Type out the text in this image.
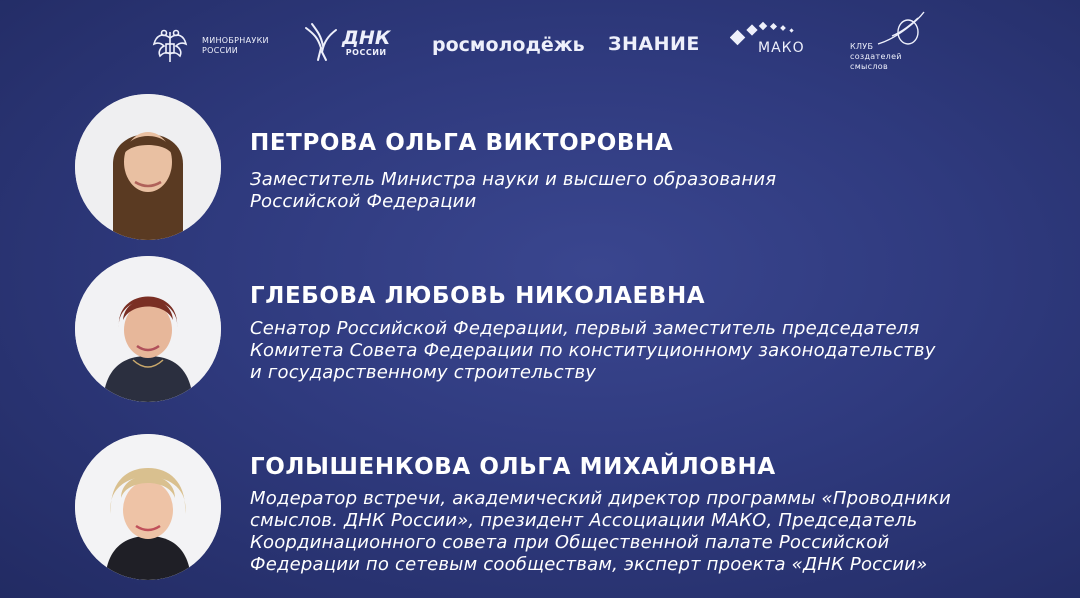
МИНОБРНАУКИ
РОССИИ
ДНК
РОССИИ росмолодёжь ЗНАНИЕ	МАКО	КЛУБ
создателей
смыслов
ПЕТРОВА ОЛЬГА ВИКТОРОВНА
Заместитель Министра науки и высшего образования
Российской Федерации
ГЛЕБОВА ЛЮБОВЬ НИКОЛАЕВНА
Сенатор Российской Федерации, первый заместитель председателя
Комитета Совета Федерации по конституционному законодательству
и государственному строительству
ГОЛЫШЕНКОВА ОЛЬГА МИХАЙЛОВНА
Модератор встречи, академический директор программы «Проводники
смыслов. ДНК России», президент Ассоциации МАКО, Председатель
Координационного совета при Общественной палате Российской
Федерации по сетевым сообществам, эксперт проекта «ДНК России»
